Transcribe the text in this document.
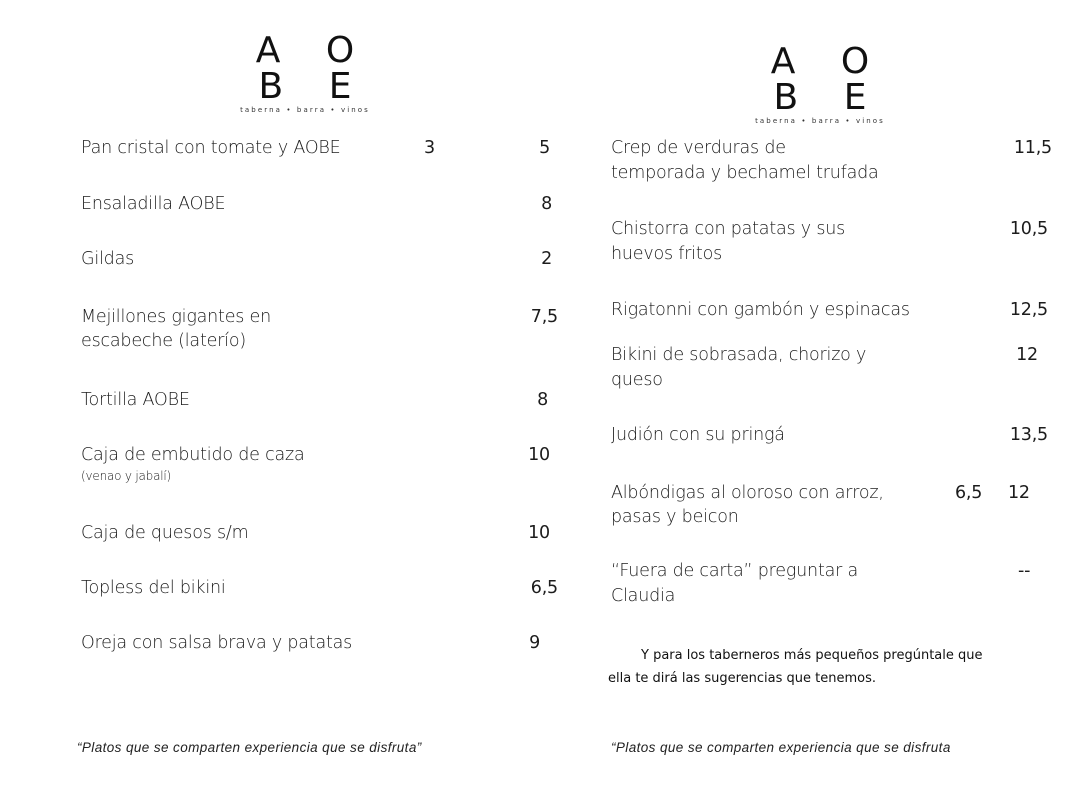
A O B E
taberna • barra • vinos
A O B E
taberna • barra • vinos
Pan cristal con tomate y AOBE	3	5
Ensaladilla AOBE	8
Gildas	2
Mejillones gigantes en
escabeche (laterío)
7,5
Tortilla AOBE	8
Caja de embutido de caza
(venao y jabalí)
10
Caja de quesos s/m	10
Topless del bikini	6,5
Oreja con salsa brava y patatas	9
Crep de verduras de
temporada y bechamel trufada
11,5
Chistorra con patatas y sus
huevos fritos
10,5
Rigatonni con gambón y espinacas	12,5
Bikini de sobrasada, chorizo y
queso
12
Judión con su pringá	13,5
Albóndigas al oloroso con arroz,
pasas y beicon
6,5 12
“Fuera de carta” preguntar a
Claudia
--

Y para los taberneros más pequeños pregúntale que

ella te dirá las sugerencias que tenemos.

“Platos que se comparten experiencia que se disfruta”	“Platos que se comparten experiencia que se disfruta
